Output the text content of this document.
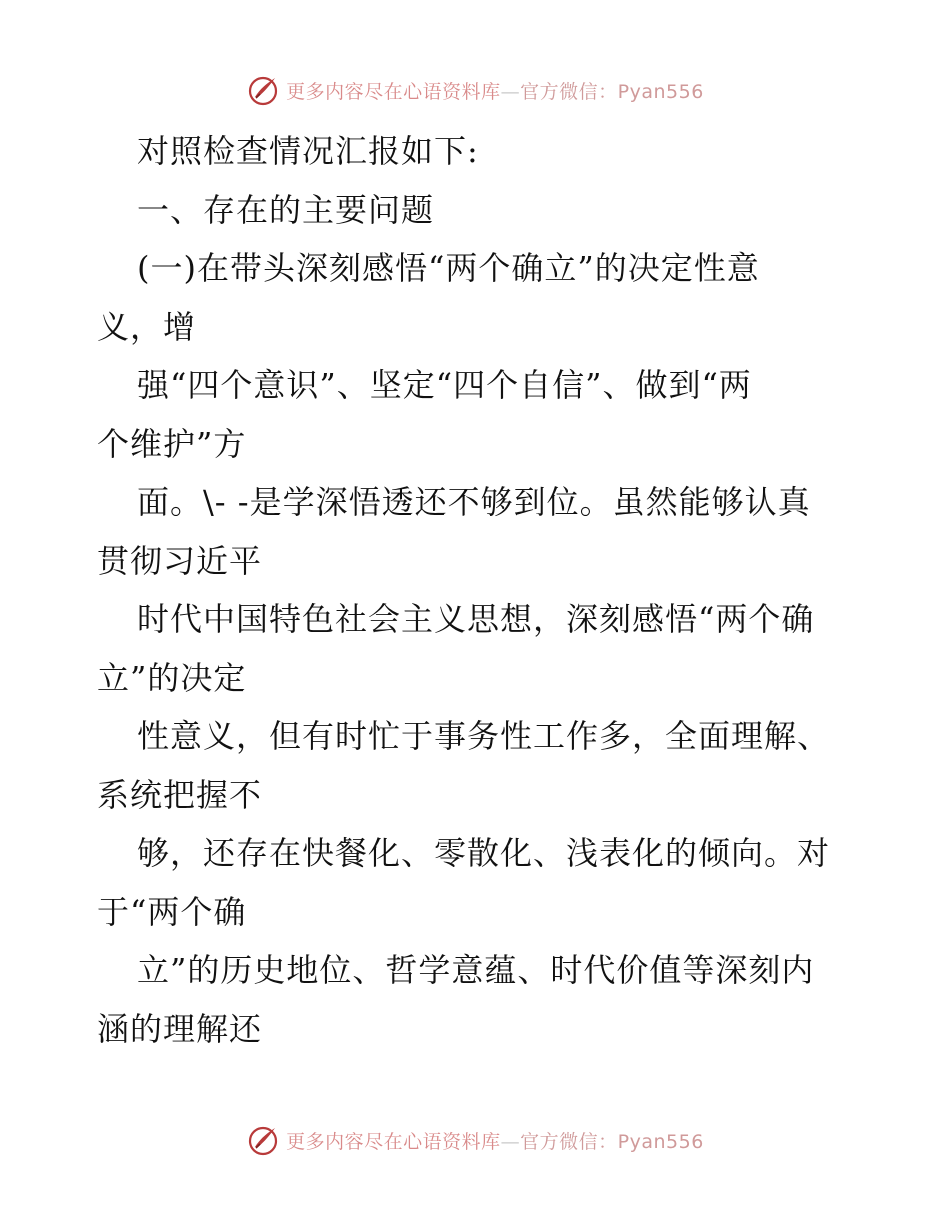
更多内容尽在心语资料库—官方微信：Pyan556
对照检查情况汇报如下:
一、存在的主要问题
(一)在带头深刻感悟“两个确立”的决定性意
义，增
强“四个意识”、坚定“四个自信”、做到“两
个维护”方
面。\- -是学深悟透还不够到位。虽然能够认真
贯彻习近平
时代中国特色社会主义思想，深刻感悟“两个确
立”的决定
性意义，但有时忙于事务性工作多，全面理解、
系统把握不
够，还存在快餐化、零散化、浅表化的倾向。对
于“两个确
立”的历史地位、哲学意蕴、时代价值等深刻内
涵的理解还
更多内容尽在心语资料库—官方微信：Pyan556
